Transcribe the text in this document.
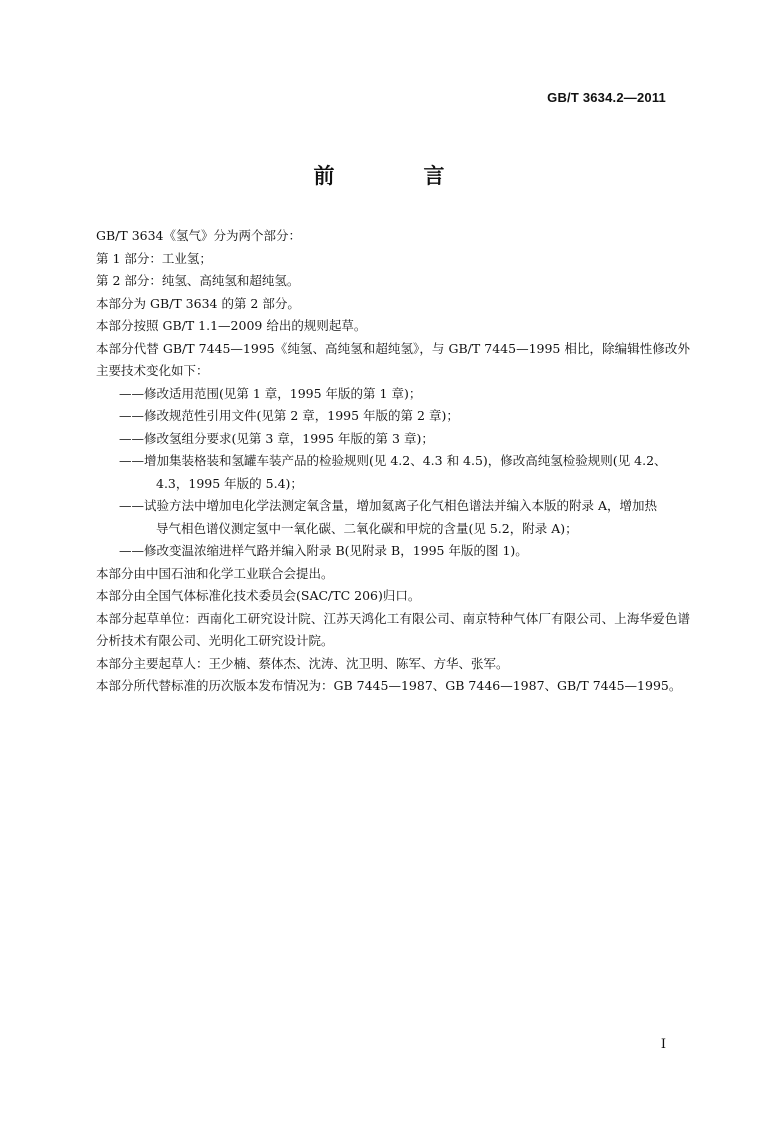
GB/T 3634.2—2011
前　言

GB/T 3634《氢气》分为两个部分：

第 1 部分：工业氢；

第 2 部分：纯氢、高纯氢和超纯氢。

本部分为 GB/T 3634 的第 2 部分。

本部分按照 GB/T 1.1—2009 给出的规则起草。

本部分代替 GB/T 7445—1995《纯氢、高纯氢和超纯氢》，与 GB/T 7445—1995 相比，除编辑性修改外主要技术变化如下：

——修改适用范围(见第 1 章，1995 年版的第 1 章)；

——修改规范性引用文件(见第 2 章，1995 年版的第 2 章)；

——修改氢组分要求(见第 3 章，1995 年版的第 3 章)；

——增加集装格装和氢罐车装产品的检验规则(见 4.2、4.3 和 4.5)，修改高纯氢检验规则(见 4.2、
4.3，1995 年版的 5.4)；

——试验方法中增加电化学法测定氧含量，增加氦离子化气相色谱法并编入本版的附录 A，增加热
导气相色谱仪测定氢中一氧化碳、二氧化碳和甲烷的含量(见 5.2，附录 A)；

——修改变温浓缩进样气路并编入附录 B(见附录 B，1995 年版的图 1)。

本部分由中国石油和化学工业联合会提出。

本部分由全国气体标准化技术委员会(SAC/TC 206)归口。

本部分起草单位：西南化工研究设计院、江苏天鸿化工有限公司、南京特种气体厂有限公司、上海华爱色谱分析技术有限公司、光明化工研究设计院。

本部分主要起草人：王少楠、蔡体杰、沈涛、沈卫明、陈军、方华、张军。

本部分所代替标准的历次版本发布情况为：GB 7445—1987、GB 7446—1987、GB/T 7445—1995。

I
